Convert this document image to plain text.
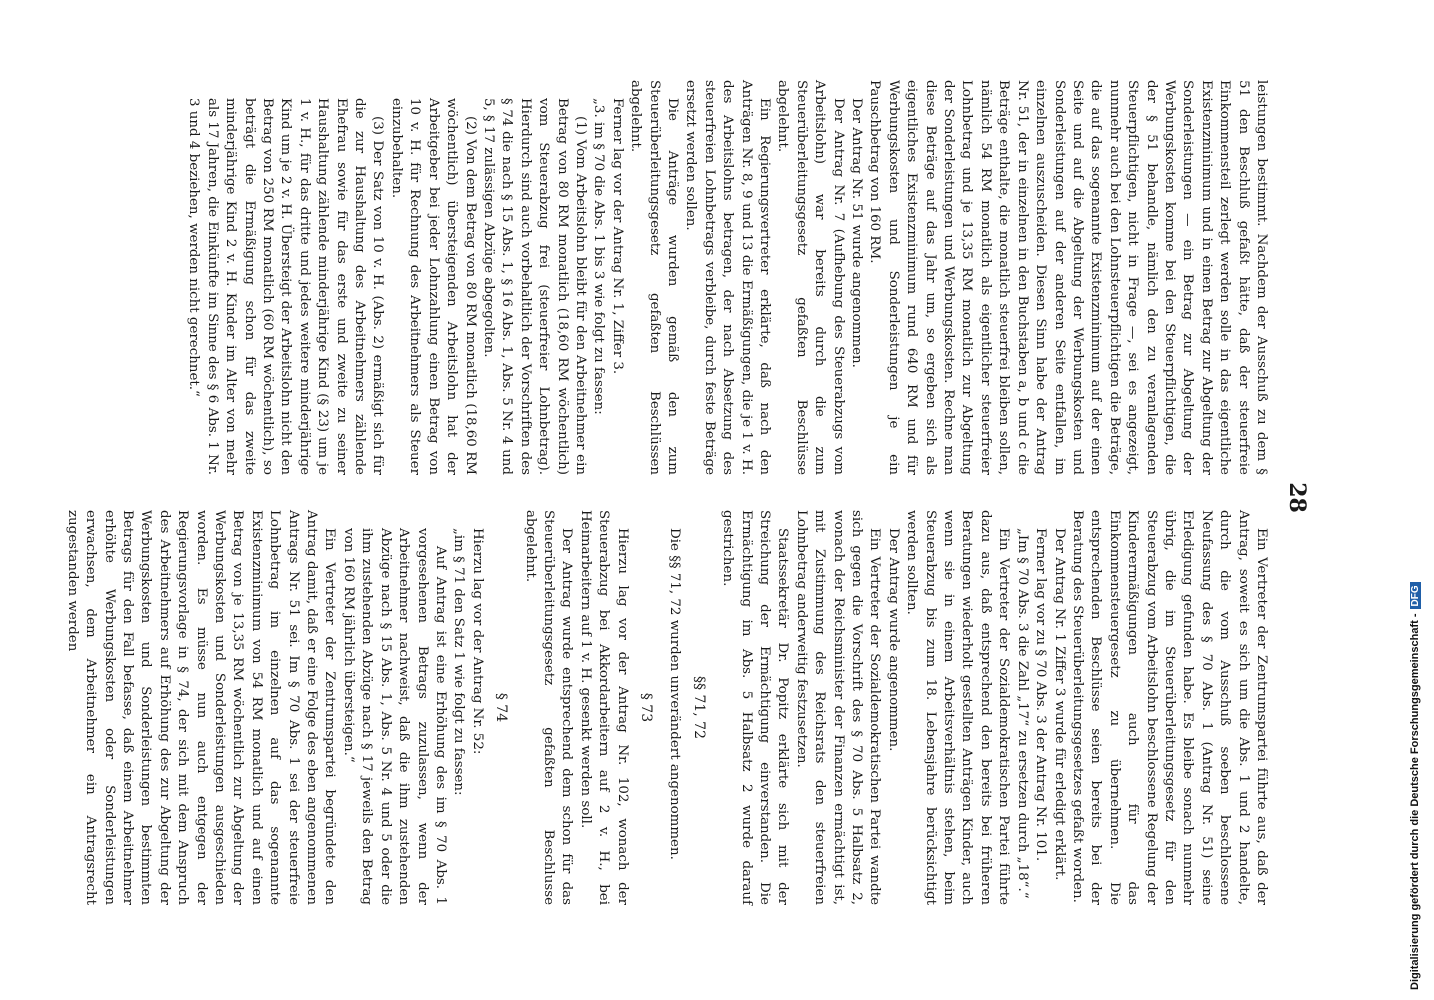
28

leistungen bestimmt. Nachdem der Ausschuß zu dem § 51 den Beschluß gefaßt hätte, daß der steuerfreie Einkommensteil zerlegt werden solle in das eigentliche Existenzminimum und in einen Betrag zur Abgeltung der Sonderleistungen — ein Betrag zur Abgeltung der Werbungskosten komme bei den Steuerpflichtigen, die der § 51 behandle, nämlich den zu veranlagenden Steuerpflichtigen, nicht in Frage —, sei es angezeigt, nunmehr auch bei den Lohnsteuerpflichtigen die Beträge, die auf das sogenannte Existenzminimum auf der einen Seite und auf die Abgeltung der Werbungskosten und Sonderleistungen auf der anderen Seite entfallen, im einzelnen auszuscheiden. Diesen Sinn habe der Antrag Nr. 51, der in einzelnen in den Buchstaben a, b und c die Beträge enthalte, die monatlich steuerfrei bleiben sollen, nämlich 54 RM monatlich als eigentlicher steuerfreier Lohnbetrag und je 13,35 RM monatlich zur Abgeltung der Sonderleistungen und Werbungskosten. Rechne man diese Beträge auf das Jahr um, so ergeben sich als eigentliches Existenzminimum rund 640 RM und für Werbungskosten und Sonderleistungen je ein Pauschbetrag von 160 RM.

Der Antrag Nr. 51 wurde angenommen.

Der Antrag Nr. 7 (Aufhebung des Steuerabzugs vom Arbeitslohn) war bereits durch die zum Steuerüberleitungsgesetz gefaßten Beschlüsse abgelehnt.

Ein Regierungsvertreter erklärte, daß nach den Anträgen Nr. 8, 9 und 13 die Ermäßigungen, die je 1 v. H. des Arbeitslohns betragen, der nach Absetzung des steuerfreien Lohnbetrags verbleibe, durch feste Beträge ersetzt werden sollen.

Die Anträge wurden gemäß den zum Steuerüberleitungsgesetz gefaßten Beschlüssen abgelehnt.

Ferner lag vor der Antrag Nr. 1, Ziffer 3.

„3. im § 70 die Abs. 1 bis 3 wie folgt zu fassen:

(1) Vom Arbeitslohn bleibt für den Arbeitnehmer ein Betrag von 80 RM monatlich (18,60 RM wöchentlich) vom Steuerabzug frei (steuerfreier Lohnbetrag). Hierdurch sind auch vorbehaltlich der Vorschriften des § 74 die nach § 15 Abs. 1, § 16 Abs. 1, Abs. 5 Nr. 4 und 5, § 17 zulässigen Abzüge abgegolten.

(2) Von dem Betrag von 80 RM monatlich (18,60 RM wöchentlich) übersteigenden Arbeitslohn hat der Arbeitgeber bei jeder Lohnzahlung einen Betrag von 10 v. H. für Rechnung des Arbeitnehmers als Steuer einzubehalten.

(3) Der Satz von 10 v. H. (Abs. 2) ermäßigt sich für die zur Haushaltung des Arbeitnehmers zählende Ehefrau sowie für das erste und zweite zu seiner Haushaltung zählende minderjährige Kind (§ 23) um je 1 v. H., für das dritte und jedes weitere minderjährige Kind um je 2 v. H. Übersteigt der Arbeitslohn nicht den Betrag von 250 RM monatlich (60 RM wöchentlich), so beträgt die Ermäßigung schon für das zweite minderjährige Kind 2 v. H. Kinder im Alter von mehr als 17 Jahren, die Einkünfte im Sinne des § 6 Abs. 1 Nr. 3 und 4 beziehen, werden nicht gerechnet.“

Ein Vertreter der Zentrumspartei führte aus, daß der Antrag, soweit es sich um die Abs. 1 und 2 handelte, durch die vom Ausschuß soeben beschlossene Neufassung des § 70 Abs. 1 (Antrag Nr. 51) seine Erledigung gefunden habe. Es bleibe sonach nunmehr übrig, die im Steuerüberleitungsgesetz für den Steuerabzug vom Arbeitslohn beschlossene Regelung der Kinderermäßigungen auch für das Einkommensteuergesetz zu übernehmen. Die entsprechenden Beschlüsse seien bereits bei der Beratung des Steuerüberleitungsgesetzes gefaßt worden.

Der Antrag Nr. 1 Ziffer 3 wurde für erledigt erklärt.

Ferner lag vor zu § 70 Abs. 3 der Antrag Nr. 101.

„Im § 70 Abs. 3 die Zahl „17“ zu ersetzen durch „18“.“

Ein Vertreter der Sozialdemokratischen Partei führte dazu aus, daß entsprechend den bereits bei früheren Beratungen wiederholt gestellten Anträgen Kinder, auch wenn sie in einem Arbeitsverhältnis stehen, beim Steuerabzug bis zum 18. Lebensjahre berücksichtigt werden sollten.

Der Antrag wurde angenommen.

Ein Vertreter der Sozialdemokratischen Partei wandte sich gegen die Vorschrift des § 70 Abs. 5 Halbsatz 2, wonach der Reichsminister der Finanzen ermächtigt ist, mit Zustimmung des Reichsrats den steuerfreien Lohnbetrag anderweitig festzusetzen.

Staatssekretär Dr. Popitz erklärte sich mit der Streichung der Ermächtigung einverstanden. Die Ermächtigung im Abs. 5 Halbsatz 2 wurde darauf gestrichen.

§§ 71, 72

Die §§ 71, 72 wurden unverändert angenommen.

§ 73

Hierzu lag vor der Antrag Nr. 102, wonach der Steuerabzug bei Akkordarbeitern auf 2 v. H., bei Heimarbeitern auf 1 v. H. gesenkt werden soll.

Der Antrag wurde entsprechend dem schon für das Steuerüberleitungsgesetz gefaßten Beschlusse abgelehnt.

§ 74

Hierzu lag vor der Antrag Nr. 52:

„im § 71 den Satz 1 wie folgt zu fassen:

Auf Antrag ist eine Erhöhung des im § 70 Abs. 1 vorgesehenen Betrags zuzulassen, wenn der Arbeitnehmer nachweist, daß die ihm zustehenden Abzüge nach § 15 Abs. 1, Abs. 5 Nr. 4 und 5 oder die ihm zustehenden Abzüge nach § 17 jeweils den Betrag von 160 RM jährlich übersteigen.“

Ein Vertreter der Zentrumspartei begründete den Antrag damit, daß er eine Folge des eben angenommenen Antrags Nr. 51 sei. Im § 70 Abs. 1 sei der steuerfreie Lohnbetrag im einzelnen auf das sogenannte Existenzminimum von 54 RM monatlich und auf einen Betrag von je 13,35 RM wöchentlich zur Abgeltung der Werbungskosten und Sonderleistungen ausgeschieden worden. Es müsse nun auch entgegen der Regierungsvorlage in § 74, der sich mit dem Anspruch des Arbeitnehmers auf Erhöhung des zur Abgeltung der Werbungskosten und Sonderleistungen bestimmten Betrags für den Fall befasse, daß einem Arbeitnehmer erhöhte Werbungskosten oder Sonderleistungen erwachsen, dem Arbeitnehmer ein Antragsrecht zugestanden werden

Digitalisierung gefördert durch die Deutsche Forschungsgemeinschaft -
DFG
